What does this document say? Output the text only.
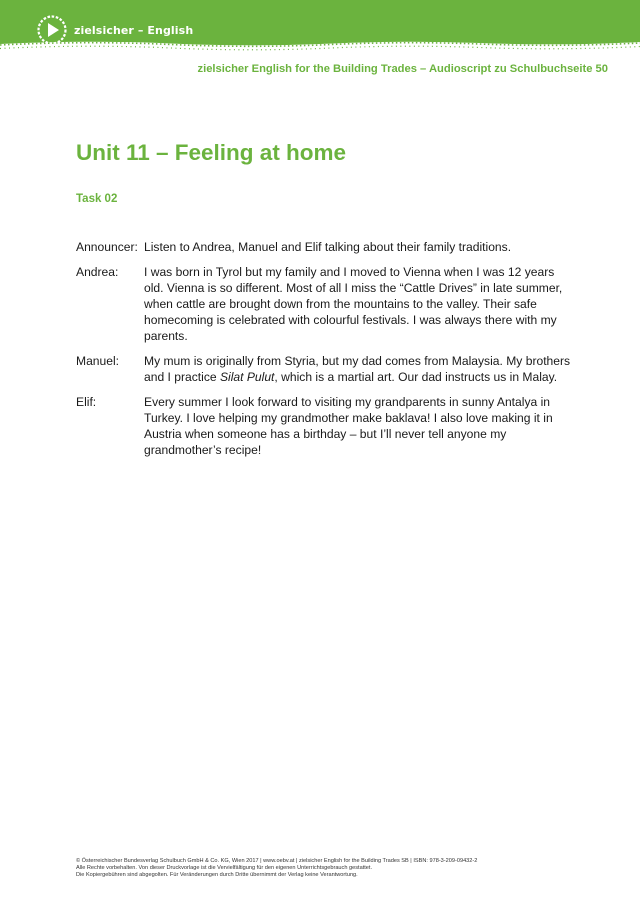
zielsicher – English
zielsicher English for the Building Trades – Audioscript zu Schulbuchseite 50
Unit 11 – Feeling at home
Task 02
Announcer: Listen to Andrea, Manuel and Elif talking about their family traditions.
Andrea:	I was born in Tyrol but my family and I moved to Vienna when I was 12 years old. Vienna is so different. Most of all I miss the “Cattle Drives” in late summer, when cattle are brought down from the mountains to the valley. Their safe homecoming is celebrated with colourful festivals. I was always there with my parents.
Manuel:	My mum is originally from Styria, but my dad comes from Malaysia. My brothers and I practice Silat Pulut, which is a martial art. Our dad instructs us in Malay.
Elif:	Every summer I look forward to visiting my grandparents in sunny Antalya in Turkey. I love helping my grandmother make baklava! I also love making it in Austria when someone has a birthday – but I’ll never tell anyone my grandmother’s recipe!
© Österreichischer Bundesverlag Schulbuch GmbH & Co. KG, Wien 2017 | www.oebv.at | zielsicher English for the Building Trades SB | ISBN: 978-3-209-09432-2
Alle Rechte vorbehalten. Von dieser Druckvorlage ist die Vervielfältigung für den eigenen Unterrichtsgebrauch gestattet.
Die Kopiergebühren sind abgegolten. Für Veränderungen durch Dritte übernimmt der Verlag keine Verantwortung.
